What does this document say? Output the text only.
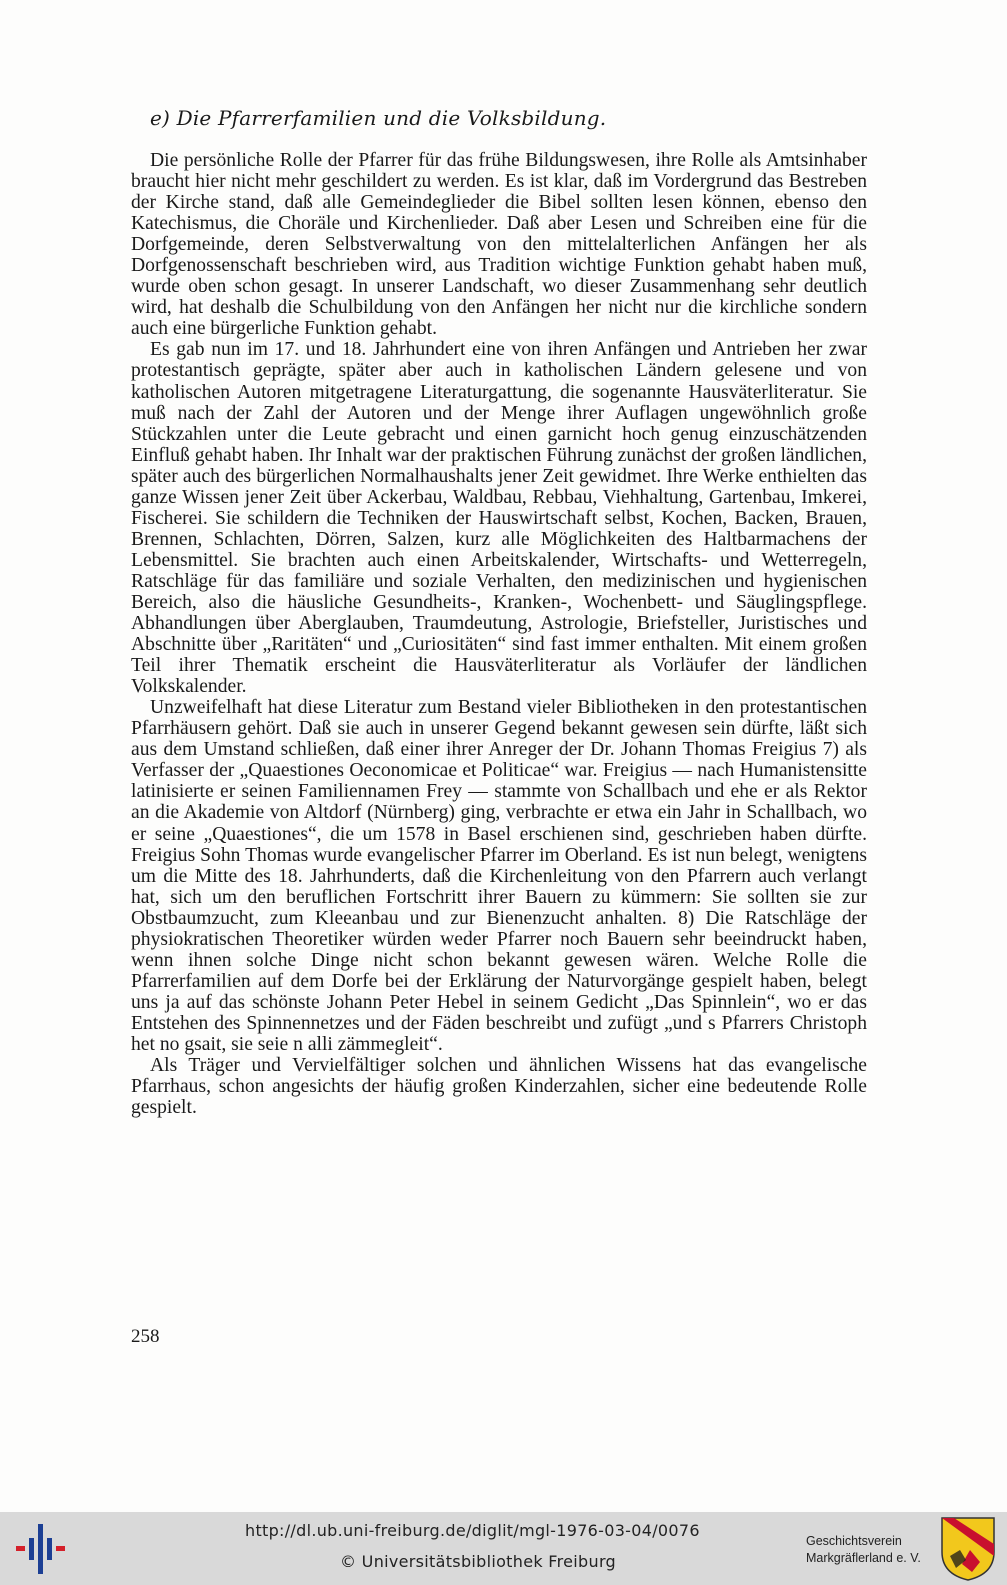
e) Die Pfarrerfamilien und die Volksbildung.

Die persönliche Rolle der Pfarrer für das frühe Bildungswesen, ihre Rolle als Amtsinhaber braucht hier nicht mehr geschildert zu werden. Es ist klar, daß im Vordergrund das Bestreben der Kirche stand, daß alle Gemeindeglieder die Bibel sollten lesen können, ebenso den Katechismus, die Choräle und Kirchenlieder. Daß aber Lesen und Schreiben eine für die Dorfgemeinde, deren Selbstverwaltung von den mittelalterlichen Anfängen her als Dorfgenossenschaft beschrieben wird, aus Tradition wichtige Funktion gehabt haben muß, wurde oben schon gesagt. In unserer Landschaft, wo dieser Zusammenhang sehr deutlich wird, hat deshalb die Schulbildung von den Anfängen her nicht nur die kirchliche sondern auch eine bürgerliche Funktion gehabt.

Es gab nun im 17. und 18. Jahrhundert eine von ihren Anfängen und Antrieben her zwar protestantisch geprägte, später aber auch in katholischen Ländern gelesene und von katholischen Autoren mitgetragene Literaturgattung, die sogenannte Hausväterliteratur. Sie muß nach der Zahl der Autoren und der Menge ihrer Auflagen ungewöhnlich große Stückzahlen unter die Leute gebracht und einen garnicht hoch genug einzuschätzenden Einfluß gehabt haben. Ihr Inhalt war der praktischen Führung zunächst der großen ländlichen, später auch des bürgerlichen Normalhaushalts jener Zeit gewidmet. Ihre Werke enthielten das ganze Wissen jener Zeit über Ackerbau, Waldbau, Rebbau, Viehhaltung, Gartenbau, Imkerei, Fischerei. Sie schildern die Techniken der Hauswirtschaft selbst, Kochen, Backen, Brauen, Brennen, Schlachten, Dörren, Salzen, kurz alle Möglichkeiten des Haltbarmachens der Lebensmittel. Sie brachten auch einen Arbeitskalender, Wirtschafts- und Wetterregeln, Ratschläge für das familiäre und soziale Verhalten, den medizinischen und hygienischen Bereich, also die häusliche Gesundheits-, Kranken-, Wochenbett- und Säuglingspflege. Abhandlungen über Aberglauben, Traumdeutung, Astrologie, Briefsteller, Juristisches und Abschnitte über „Raritäten“ und „Curiositäten“ sind fast immer enthalten. Mit einem großen Teil ihrer Thematik erscheint die Hausväterliteratur als Vorläufer der ländlichen Volkskalender.

Unzweifelhaft hat diese Literatur zum Bestand vieler Bibliotheken in den protestantischen Pfarrhäusern gehört. Daß sie auch in unserer Gegend bekannt gewesen sein dürfte, läßt sich aus dem Umstand schließen, daß einer ihrer Anreger der Dr. Johann Thomas Freigius 7) als Verfasser der „Quaestiones Oeconomicae et Politicae“ war. Freigius — nach Humanistensitte latinisierte er seinen Familiennamen Frey — stammte von Schallbach und ehe er als Rektor an die Akademie von Altdorf (Nürnberg) ging, verbrachte er etwa ein Jahr in Schallbach, wo er seine „Quaestiones“, die um 1578 in Basel erschienen sind, geschrieben haben dürfte. Freigius Sohn Thomas wurde evangelischer Pfarrer im Oberland. Es ist nun belegt, wenigtens um die Mitte des 18. Jahrhunderts, daß die Kirchenleitung von den Pfarrern auch verlangt hat, sich um den beruflichen Fortschritt ihrer Bauern zu kümmern: Sie sollten sie zur Obstbaumzucht, zum Kleeanbau und zur Bienenzucht anhalten. 8) Die Ratschläge der physiokratischen Theoretiker würden weder Pfarrer noch Bauern sehr beeindruckt haben, wenn ihnen solche Dinge nicht schon bekannt gewesen wären. Welche Rolle die Pfarrerfamilien auf dem Dorfe bei der Erklärung der Naturvorgänge gespielt haben, belegt uns ja auf das schönste Johann Peter Hebel in seinem Gedicht „Das Spinnlein“, wo er das Entstehen des Spinnennetzes und der Fäden beschreibt und zufügt „und s Pfarrers Christoph het no gsait, sie seie n alli zämmegleit“.

Als Träger und Vervielfältiger solchen und ähnlichen Wissens hat das evangelische Pfarrhaus, schon angesichts der häufig großen Kinderzahlen, sicher eine bedeutende Rolle gespielt.

258
http://dl.ub.uni-freiburg.de/diglit/mgl-1976-03-04/0076
© Universitätsbibliothek Freiburg
Geschichtsverein
Markgräflerland e. V.
